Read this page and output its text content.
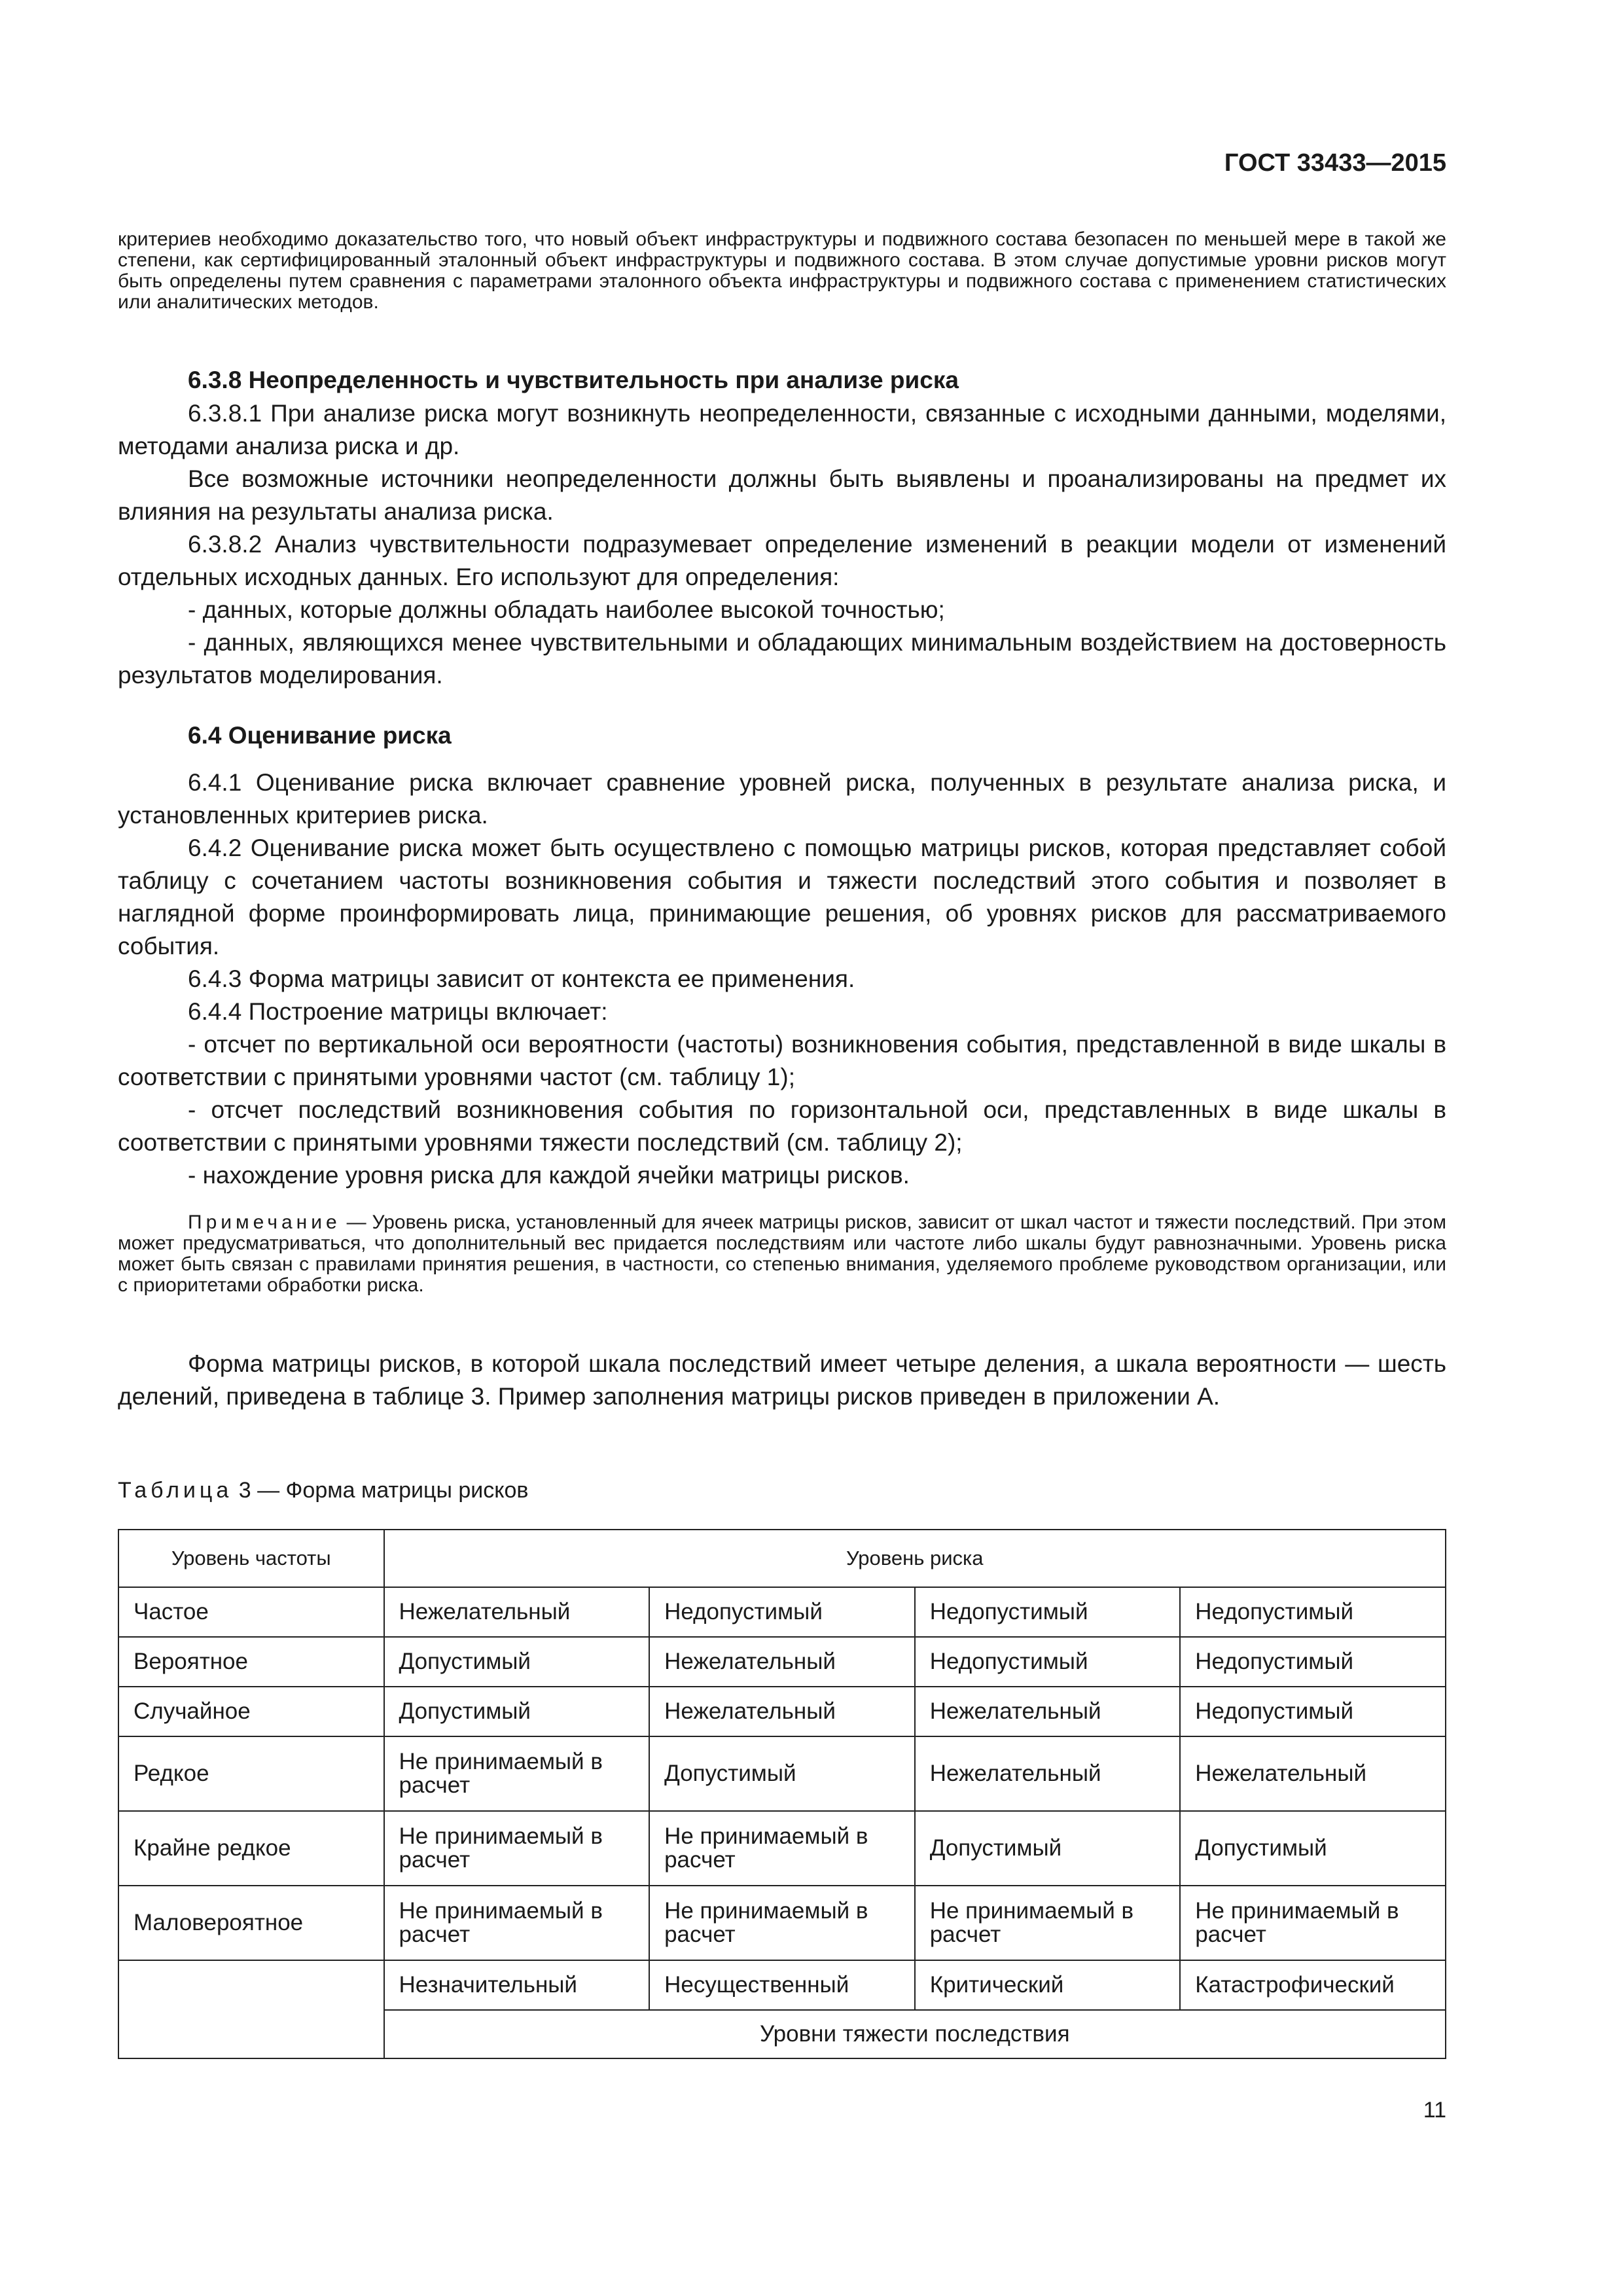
ГОСТ 33433—2015
критериев необходимо доказательство того, что новый объект инфраструктуры и подвижного состава безопасен по меньшей мере в такой же степени, как сертифицированный эталонный объект инфраструктуры и подвижного состава. В этом случае допустимые уровни рисков могут быть определены путем сравнения с параметрами эталонного объекта инфраструктуры и подвижного состава с применением статистических или аналитических методов.
6.3.8 Неопределенность и чувствительность при анализе риска
6.3.8.1 При анализе риска могут возникнуть неопределенности, связанные с исходными данными, моделями, методами анализа риска и др.
Все возможные источники неопределенности должны быть выявлены и проанализированы на предмет их влияния на результаты анализа риска.
6.3.8.2 Анализ чувствительности подразумевает определение изменений в реакции модели от изменений отдельных исходных данных. Его используют для определения:
- данных, которые должны обладать наиболее высокой точностью;
- данных, являющихся менее чувствительными и обладающих минимальным воздействием на достоверность результатов моделирования.
6.4 Оценивание риска
6.4.1 Оценивание риска включает сравнение уровней риска, полученных в результате анализа риска, и установленных критериев риска.
6.4.2 Оценивание риска может быть осуществлено с помощью матрицы рисков, которая представляет собой таблицу с сочетанием частоты возникновения события и тяжести последствий этого события и позволяет в наглядной форме проинформировать лица, принимающие решения, об уровнях рисков для рассматриваемого события.
6.4.3 Форма матрицы зависит от контекста ее применения.
6.4.4 Построение матрицы включает:
- отсчет по вертикальной оси вероятности (частоты) возникновения события, представленной в виде шкалы в соответствии с принятыми уровнями частот (см. таблицу 1);
- отсчет последствий возникновения события по горизонтальной оси, представленных в виде шкалы в соответствии с принятыми уровнями тяжести последствий (см. таблицу 2);
- нахождение уровня риска для каждой ячейки матрицы рисков.
Примечание — Уровень риска, установленный для ячеек матрицы рисков, зависит от шкал частот и тяжести последствий. При этом может предусматриваться, что дополнительный вес придается последствиям или частоте либо шкалы будут равнозначными. Уровень риска может быть связан с правилами принятия решения, в частности, со степенью внимания, уделяемого проблеме руководством организации, или с приоритетами обработки риска.
Форма матрицы рисков, в которой шкала последствий имеет четыре деления, а шкала вероятности — шесть делений, приведена в таблице 3. Пример заполнения матрицы рисков приведен в приложении А.
Таблица 3 — Форма матрицы рисков
Уровень частоты	Уровень риска			
Частое	Нежелательный	Недопустимый	Недопустимый	Недопустимый
Вероятное	Допустимый	Нежелательный	Недопустимый	Недопустимый
Случайное	Допустимый	Нежелательный	Нежелательный	Недопустимый
Редкое	Не принимаемый в расчет	Допустимый	Нежелательный	Нежелательный
Крайне редкое	Не принимаемый в расчет	Не принимаемый в расчет	Допустимый	Допустимый
Маловероятное	Не принимаемый в расчет	Не принимаемый в расчет	Не принимаемый в расчет	Не принимаемый в расчет
	Незначительный	Несущественный	Критический	Катастрофический
	Уровни тяжести последствия			
11
